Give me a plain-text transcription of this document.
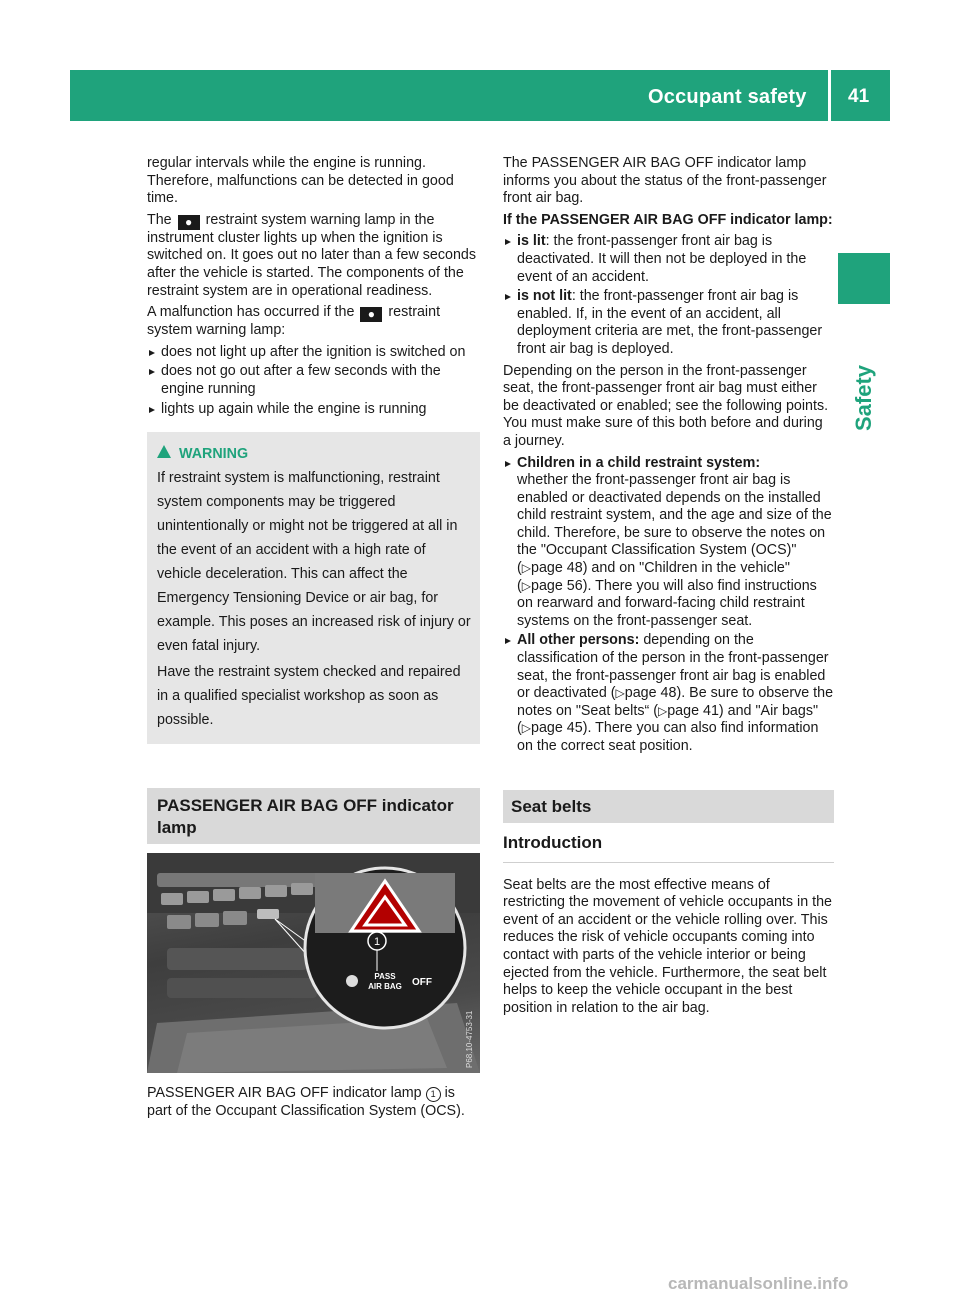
Occupant safety 41
Safety

regular intervals while the engine is running. Therefore, malfunctions can be detected in good time.

The ● restraint system warning lamp in the instrument cluster lights up when the ignition is switched on. It goes out no later than a few seconds after the vehicle is started. The components of the restraint system are in operational readiness.

A malfunction has occurred if the ● restraint system warning lamp:

does not light up after the ignition is switched on
does not go out after a few seconds with the engine running
lights up again while the engine is running
WARNING

If restraint system is malfunctioning, restraint system components may be triggered unintentionally or might not be triggered at all in the event of an accident with a high rate of vehicle deceleration. This can affect the Emergency Tensioning Device or air bag, for example. This poses an increased risk of injury or even fatal injury.

Have the restraint system checked and repaired in a qualified specialist workshop as soon as possible.

PASSENGER AIR BAG OFF indicator lamp
1
PASS
AIR BAG OFF
P68.10-4753-31

PASSENGER AIR BAG OFF indicator lamp 1 is part of the Occupant Classification System (OCS).

The PASSENGER AIR BAG OFF indicator lamp informs you about the status of the front-passenger front air bag.

If the PASSENGER AIR BAG OFF indicator lamp:

is lit: the front-passenger front air bag is deactivated. It will then not be deployed in the event of an accident.
is not lit: the front-passenger front air bag is enabled. If, in the event of an accident, all deployment criteria are met, the front-passenger front air bag is deployed.

Depending on the person in the front-passenger seat, the front-passenger front air bag must either be deactivated or enabled; see the following points. You must make sure of this both before and during a journey.

Children in a child restraint system:
whether the front-passenger front air bag is enabled or deactivated depends on the installed child restraint system, and the age and size of the child. Therefore, be sure to observe the notes on the "Occupant Classification System (OCS)" (▷page 48) and on "Children in the vehicle" (▷page 56). There you will also find instructions on rearward and forward-facing child restraint systems on the front-passenger seat.
All other persons: depending on the classification of the person in the front-passenger seat, the front-passenger front air bag is enabled or deactivated (▷page 48). Be sure to observe the notes on "Seat belts“ (▷page 41) and "Air bags" (▷page 45). There you can also find information on the correct seat position.
Seat belts
Introduction

Seat belts are the most effective means of restricting the movement of vehicle occupants in the event of an accident or the vehicle rolling over. This reduces the risk of vehicle occupants coming into contact with parts of the vehicle interior or being ejected from the vehicle. Furthermore, the seat belt helps to keep the vehicle occupant in the best position in relation to the air bag.

carmanualsonline.info
